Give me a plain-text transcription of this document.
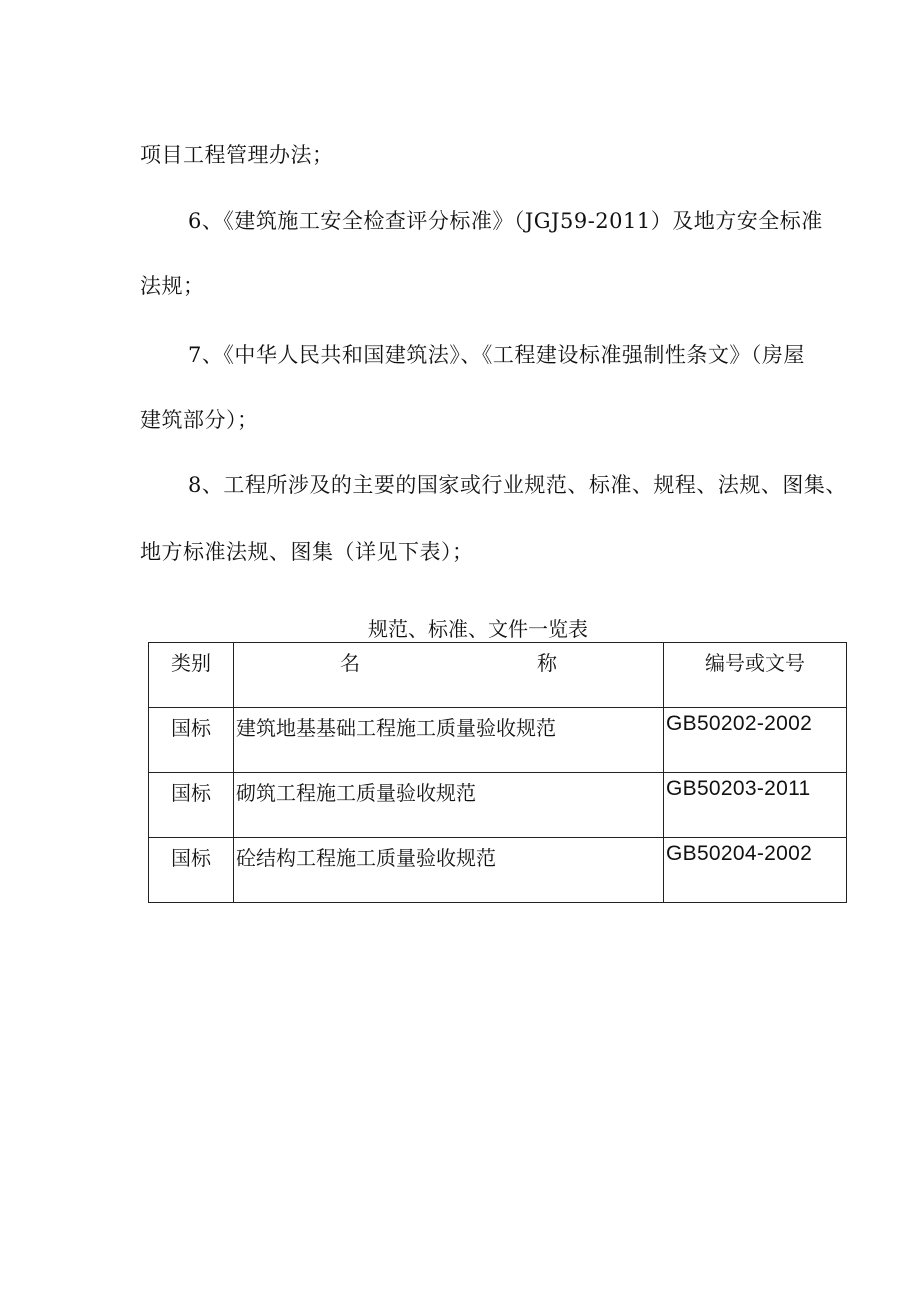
项目工程管理办法；
6、《建筑施工安全检查评分标准》（JGJ59-2011）及地方安全标准
法规；
7、《中华人民共和国建筑法》、《工程建设标准强制性条文》（房屋
建筑部分）；
8、工程所涉及的主要的国家或行业规范、标准、规程、法规、图集、
地方标准法规、图集（详见下表）；
规范、标准、文件一览表
类别	名 称	编号或文号
国标	建筑地基基础工程施工质量验收规范	GB50202-2002
国标	砌筑工程施工质量验收规范	GB50203-2011
国标	砼结构工程施工质量验收规范	GB50204-2002
